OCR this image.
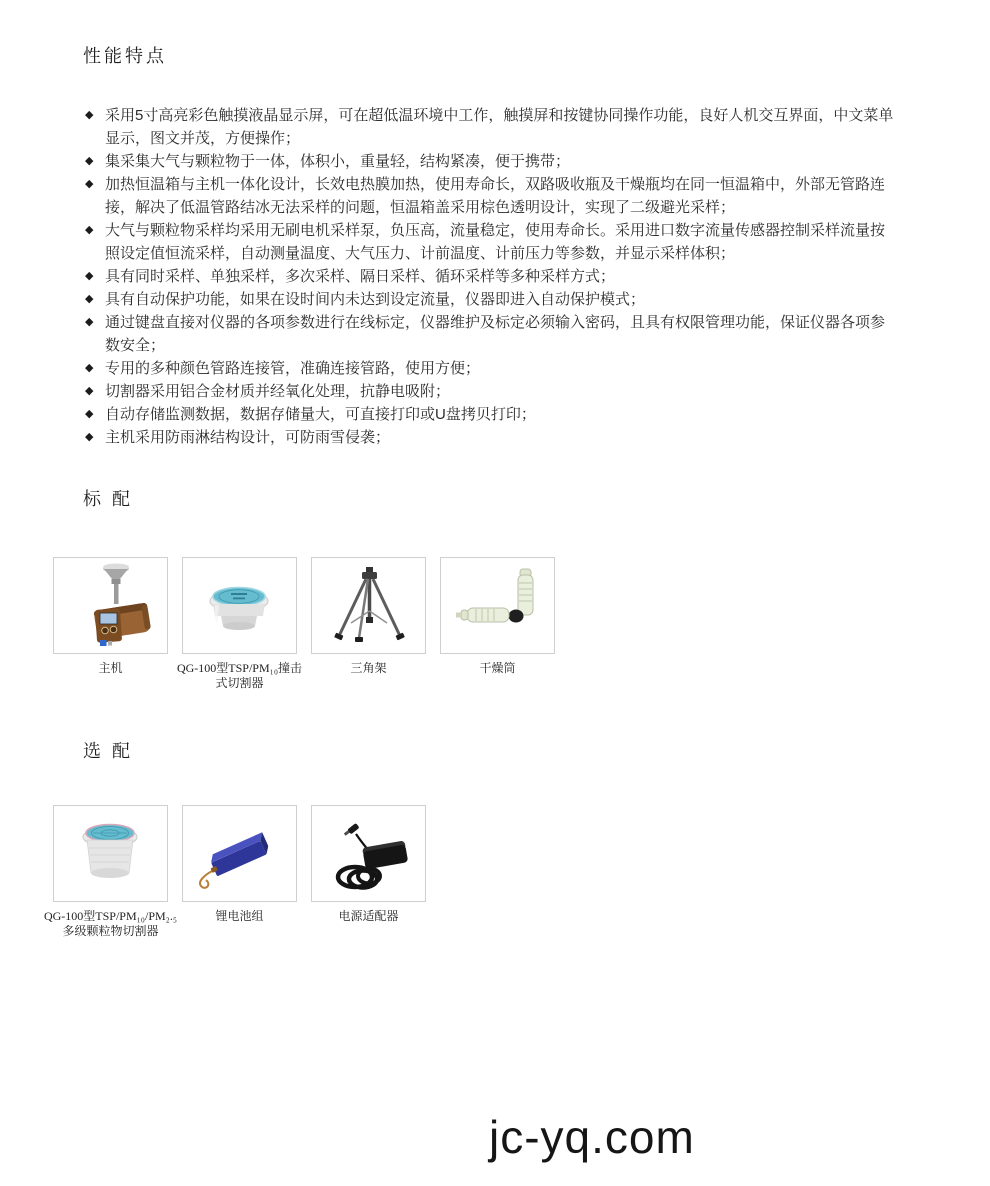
性能特点
◆ 采用5寸高亮彩色触摸液晶显示屏，可在超低温环境中工作，触摸屏和按键协同操作功能，良好人机交互界面，中文菜单显示，图文并茂，方便操作；
◆ 集采集大气与颗粒物于一体，体积小，重量轻，结构紧凑，便于携带；
◆ 加热恒温箱与主机一体化设计，长效电热膜加热，使用寿命长，双路吸收瓶及干燥瓶均在同一恒温箱中，外部无管路连接，解决了低温管路结冰无法采样的问题，恒温箱盖采用棕色透明设计，实现了二级避光采样；
◆ 大气与颗粒物采样均采用无刷电机采样泵，负压高，流量稳定，使用寿命长。采用进口数字流量传感器控制采样流量按照设定值恒流采样，自动测量温度、大气压力、计前温度、计前压力等参数，并显示采样体积；
◆ 具有同时采样、单独采样，多次采样、隔日采样、循环采样等多种采样方式；
◆ 具有自动保护功能，如果在设时间内未达到设定流量，仪器即进入自动保护模式；
◆ 通过键盘直接对仪器的各项参数进行在线标定，仪器维护及标定必须输入密码，且具有权限管理功能，保证仪器各项参数安全；
◆ 专用的多种颜色管路连接管，准确连接管路，使用方便；
◆ 切割器采用铝合金材质并经氧化处理，抗静电吸附；
◆ 自动存储监测数据，数据存储量大，可直接打印或U盘拷贝打印；
◆ 主机采用防雨淋结构设计，可防雨雪侵袭；
标 配
主机	QG-100型TSP/PM₁₀撞击式切割器
三角架	干燥筒
选 配
QG-100型TSP/PM₁₀/PM₂.₅ 多级颗粒物切割器
锂电池组	电源适配器
jc-yq.com
